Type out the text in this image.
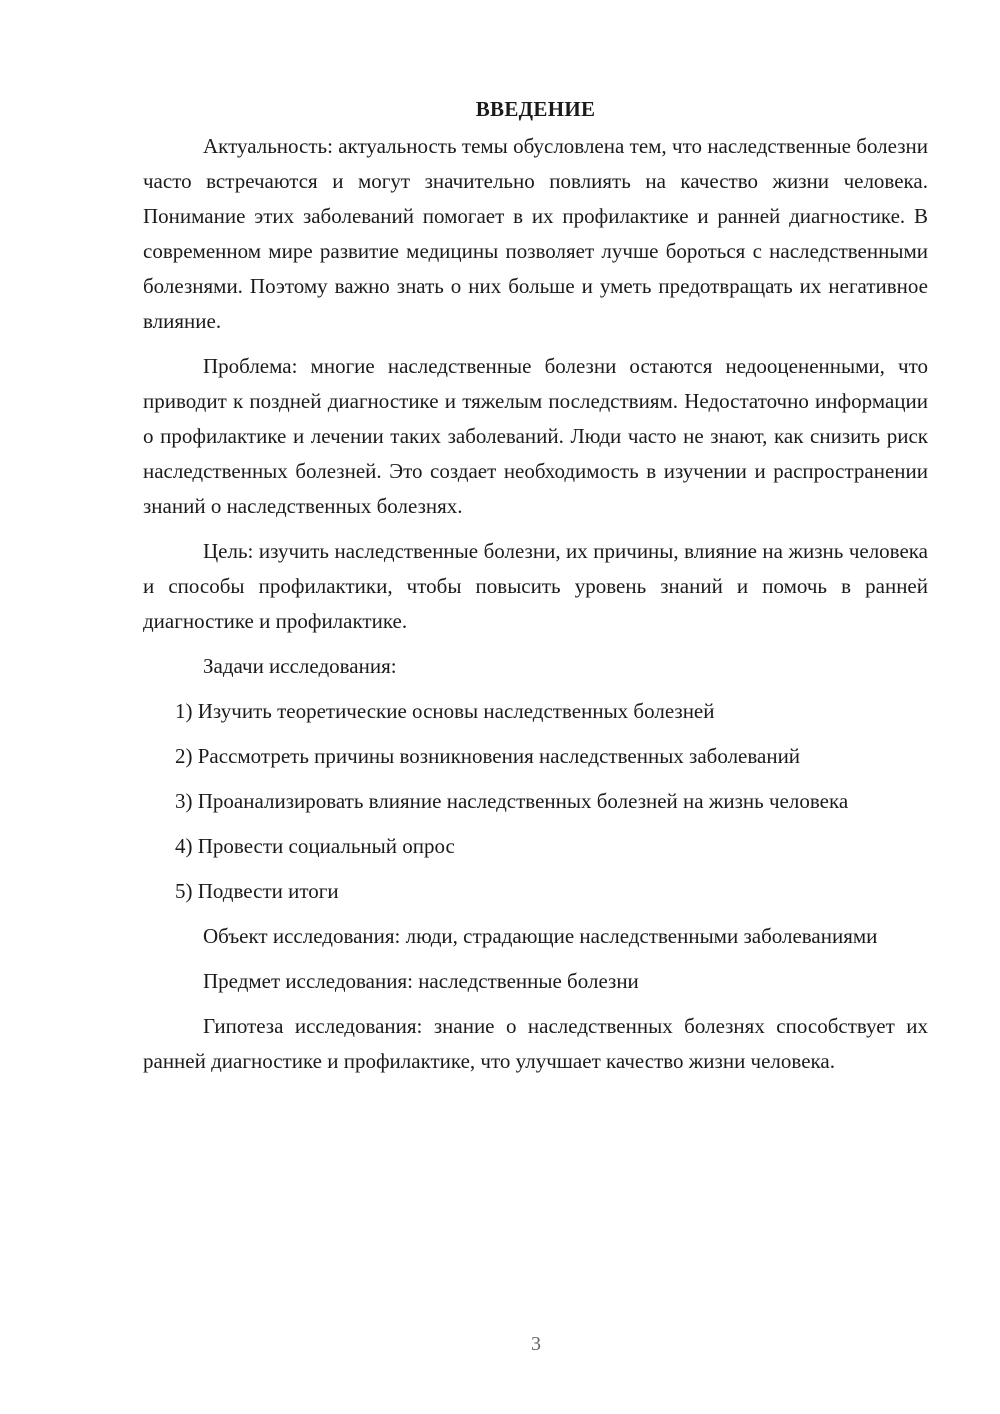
ВВЕДЕНИЕ

Актуальность: актуальность темы обусловлена тем, что наследственные болезни часто встречаются и могут значительно повлиять на качество жизни человека. Понимание этих заболеваний помогает в их профилактике и ранней диагностике. В современном мире развитие медицины позволяет лучше бороться с наследственными болезнями. Поэтому важно знать о них больше и уметь предотвращать их негативное влияние.

Проблема: многие наследственные болезни остаются недооцененными, что приводит к поздней диагностике и тяжелым последствиям. Недостаточно информации о профилактике и лечении таких заболеваний. Люди часто не знают, как снизить риск наследственных болезней. Это создает необходимость в изучении и распространении знаний о наследственных болезнях.

Цель: изучить наследственные болезни, их причины, влияние на жизнь человека и способы профилактики, чтобы повысить уровень знаний и помочь в ранней диагностике и профилактике.

Задачи исследования:

1) Изучить теоретические основы наследственных болезней

2) Рассмотреть причины возникновения наследственных заболеваний

3) Проанализировать влияние наследственных болезней на жизнь человека

4) Провести социальный опрос

5) Подвести итоги

Объект исследования: люди, страдающие наследственными заболеваниями

Предмет исследования: наследственные болезни

Гипотеза исследования: знание о наследственных болезнях способствует их ранней диагностике и профилактике, что улучшает качество жизни человека.

3
